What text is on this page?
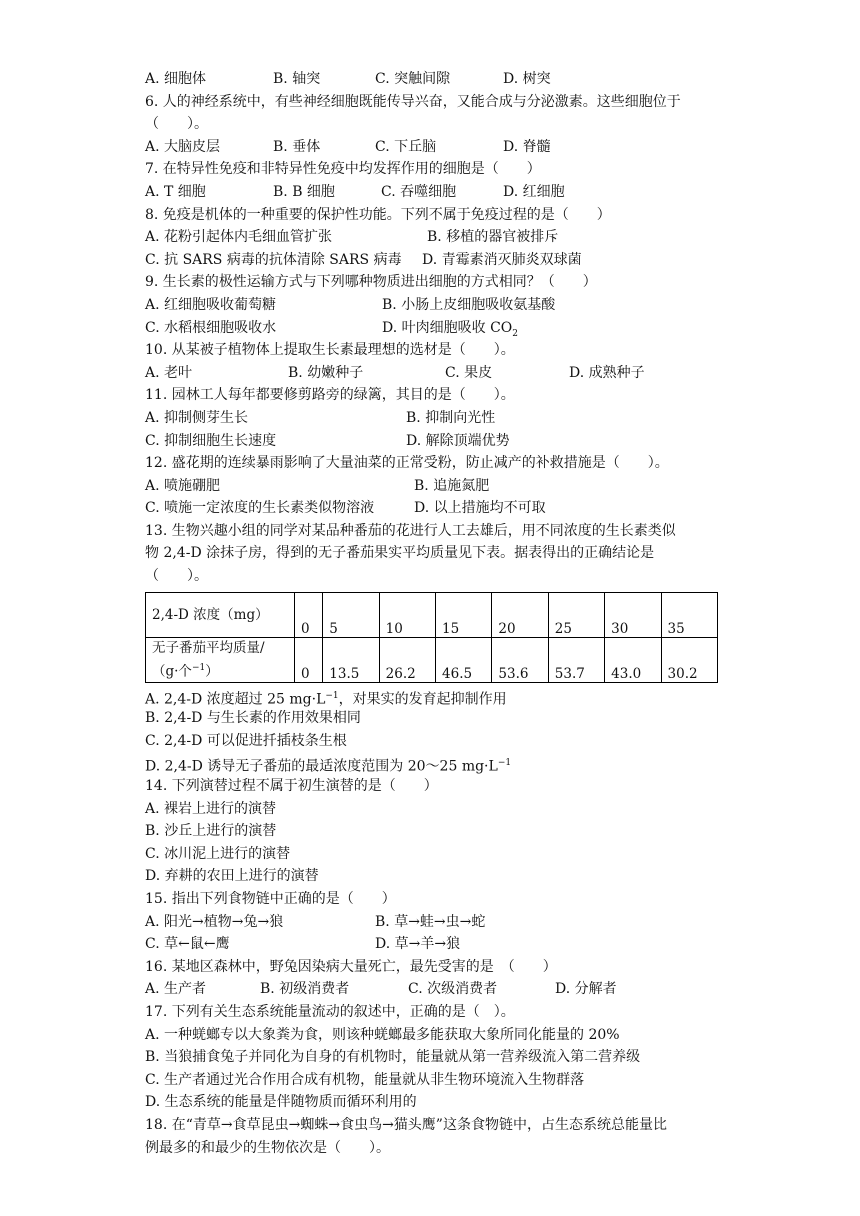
A. 细胞体	B. 轴突	C. 突触间隙	D. 树突
6. 人的神经系统中，有些神经细胞既能传导兴奋，又能合成与分泌激素。这些细胞位于
（　　）。
A. 大脑皮层	B. 垂体	C. 下丘脑	D. 脊髓
7. 在特异性免疫和非特异性免疫中均发挥作用的细胞是（　　）
A. T 细胞	B. B 细胞	C. 吞噬细胞	D. 红细胞
8. 免疫是机体的一种重要的保护性功能。下列不属于免疫过程的是（　　）
A. 花粉引起体内毛细血管扩张	B. 移植的器官被排斥
C. 抗 SARS 病毒的抗体清除 SARS 病毒 D. 青霉素消灭肺炎双球菌
9. 生长素的极性运输方式与下列哪种物质进出细胞的方式相同？（　　）
A. 红细胞吸收葡萄糖	B. 小肠上皮细胞吸收氨基酸
C. 水稻根细胞吸收水	D. 叶肉细胞吸收 $CO_2$
10. 从某被子植物体上提取生长素最理想的选材是（　　）。
A. 老叶	B. 幼嫩种子	C. 果皮	D. 成熟种子
11. 园林工人每年都要修剪路旁的绿篱，其目的是（　　）。
A. 抑制侧芽生长	B. 抑制向光性
C. 抑制细胞生长速度	D. 解除顶端优势
12. 盛花期的连续暴雨影响了大量油菜的正常受粉，防止减产的补救措施是（　　）。
A. 喷施硼肥	B. 追施氮肥
C. 喷施一定浓度的生长素类似物溶液	D. 以上措施均不可取
13. 生物兴趣小组的同学对某品种番茄的花进行人工去雄后，用不同浓度的生长素类似
物 2,4-D 涂抹子房，得到的无子番茄果实平均质量见下表。据表得出的正确结论是
（　　）。
2,4-D 浓度（mg）	0	5	10	15	20	25	30	35

无子番茄平均质量/
（g·个$^{-1}$）	0	13.5	26.2	46.5	53.6	53.7	43.0	30.2
A. 2,4-D 浓度超过 25 $mg\cdot L^{-1}$，对果实的发育起抑制作用
B. 2,4-D 与生长素的作用效果相同
C. 2,4-D 可以促进扦插枝条生根
D. 2,4-D 诱导无子番茄的最适浓度范围为 20～25 $mg\cdot L^{-1}$
14. 下列演替过程不属于初生演替的是（　　）
A. 裸岩上进行的演替
B. 沙丘上进行的演替
C. 冰川泥上进行的演替
D. 弃耕的农田上进行的演替
15. 指出下列食物链中正确的是（　　）
A. 阳光→植物→兔→狼	B. 草→蛙→虫→蛇
C. 草←鼠←鹰	D. 草→羊→狼
16. 某地区森林中，野兔因染病大量死亡，最先受害的是　（　　）
A. 生产者	B. 初级消费者	C. 次级消费者	D. 分解者
17. 下列有关生态系统能量流动的叙述中，正确的是（　）。
A. 一种蜣螂专以大象粪为食，则该种蜣螂最多能获取大象所同化能量的 20%
B. 当狼捕食兔子并同化为自身的有机物时，能量就从第一营养级流入第二营养级
C. 生产者通过光合作用合成有机物，能量就从非生物环境流入生物群落
D. 生态系统的能量是伴随物质而循环利用的
18. 在“青草→食草昆虫→蜘蛛→食虫鸟→猫头鹰”这条食物链中，占生态系统总能量比
例最多的和最少的生物依次是（　　）。
